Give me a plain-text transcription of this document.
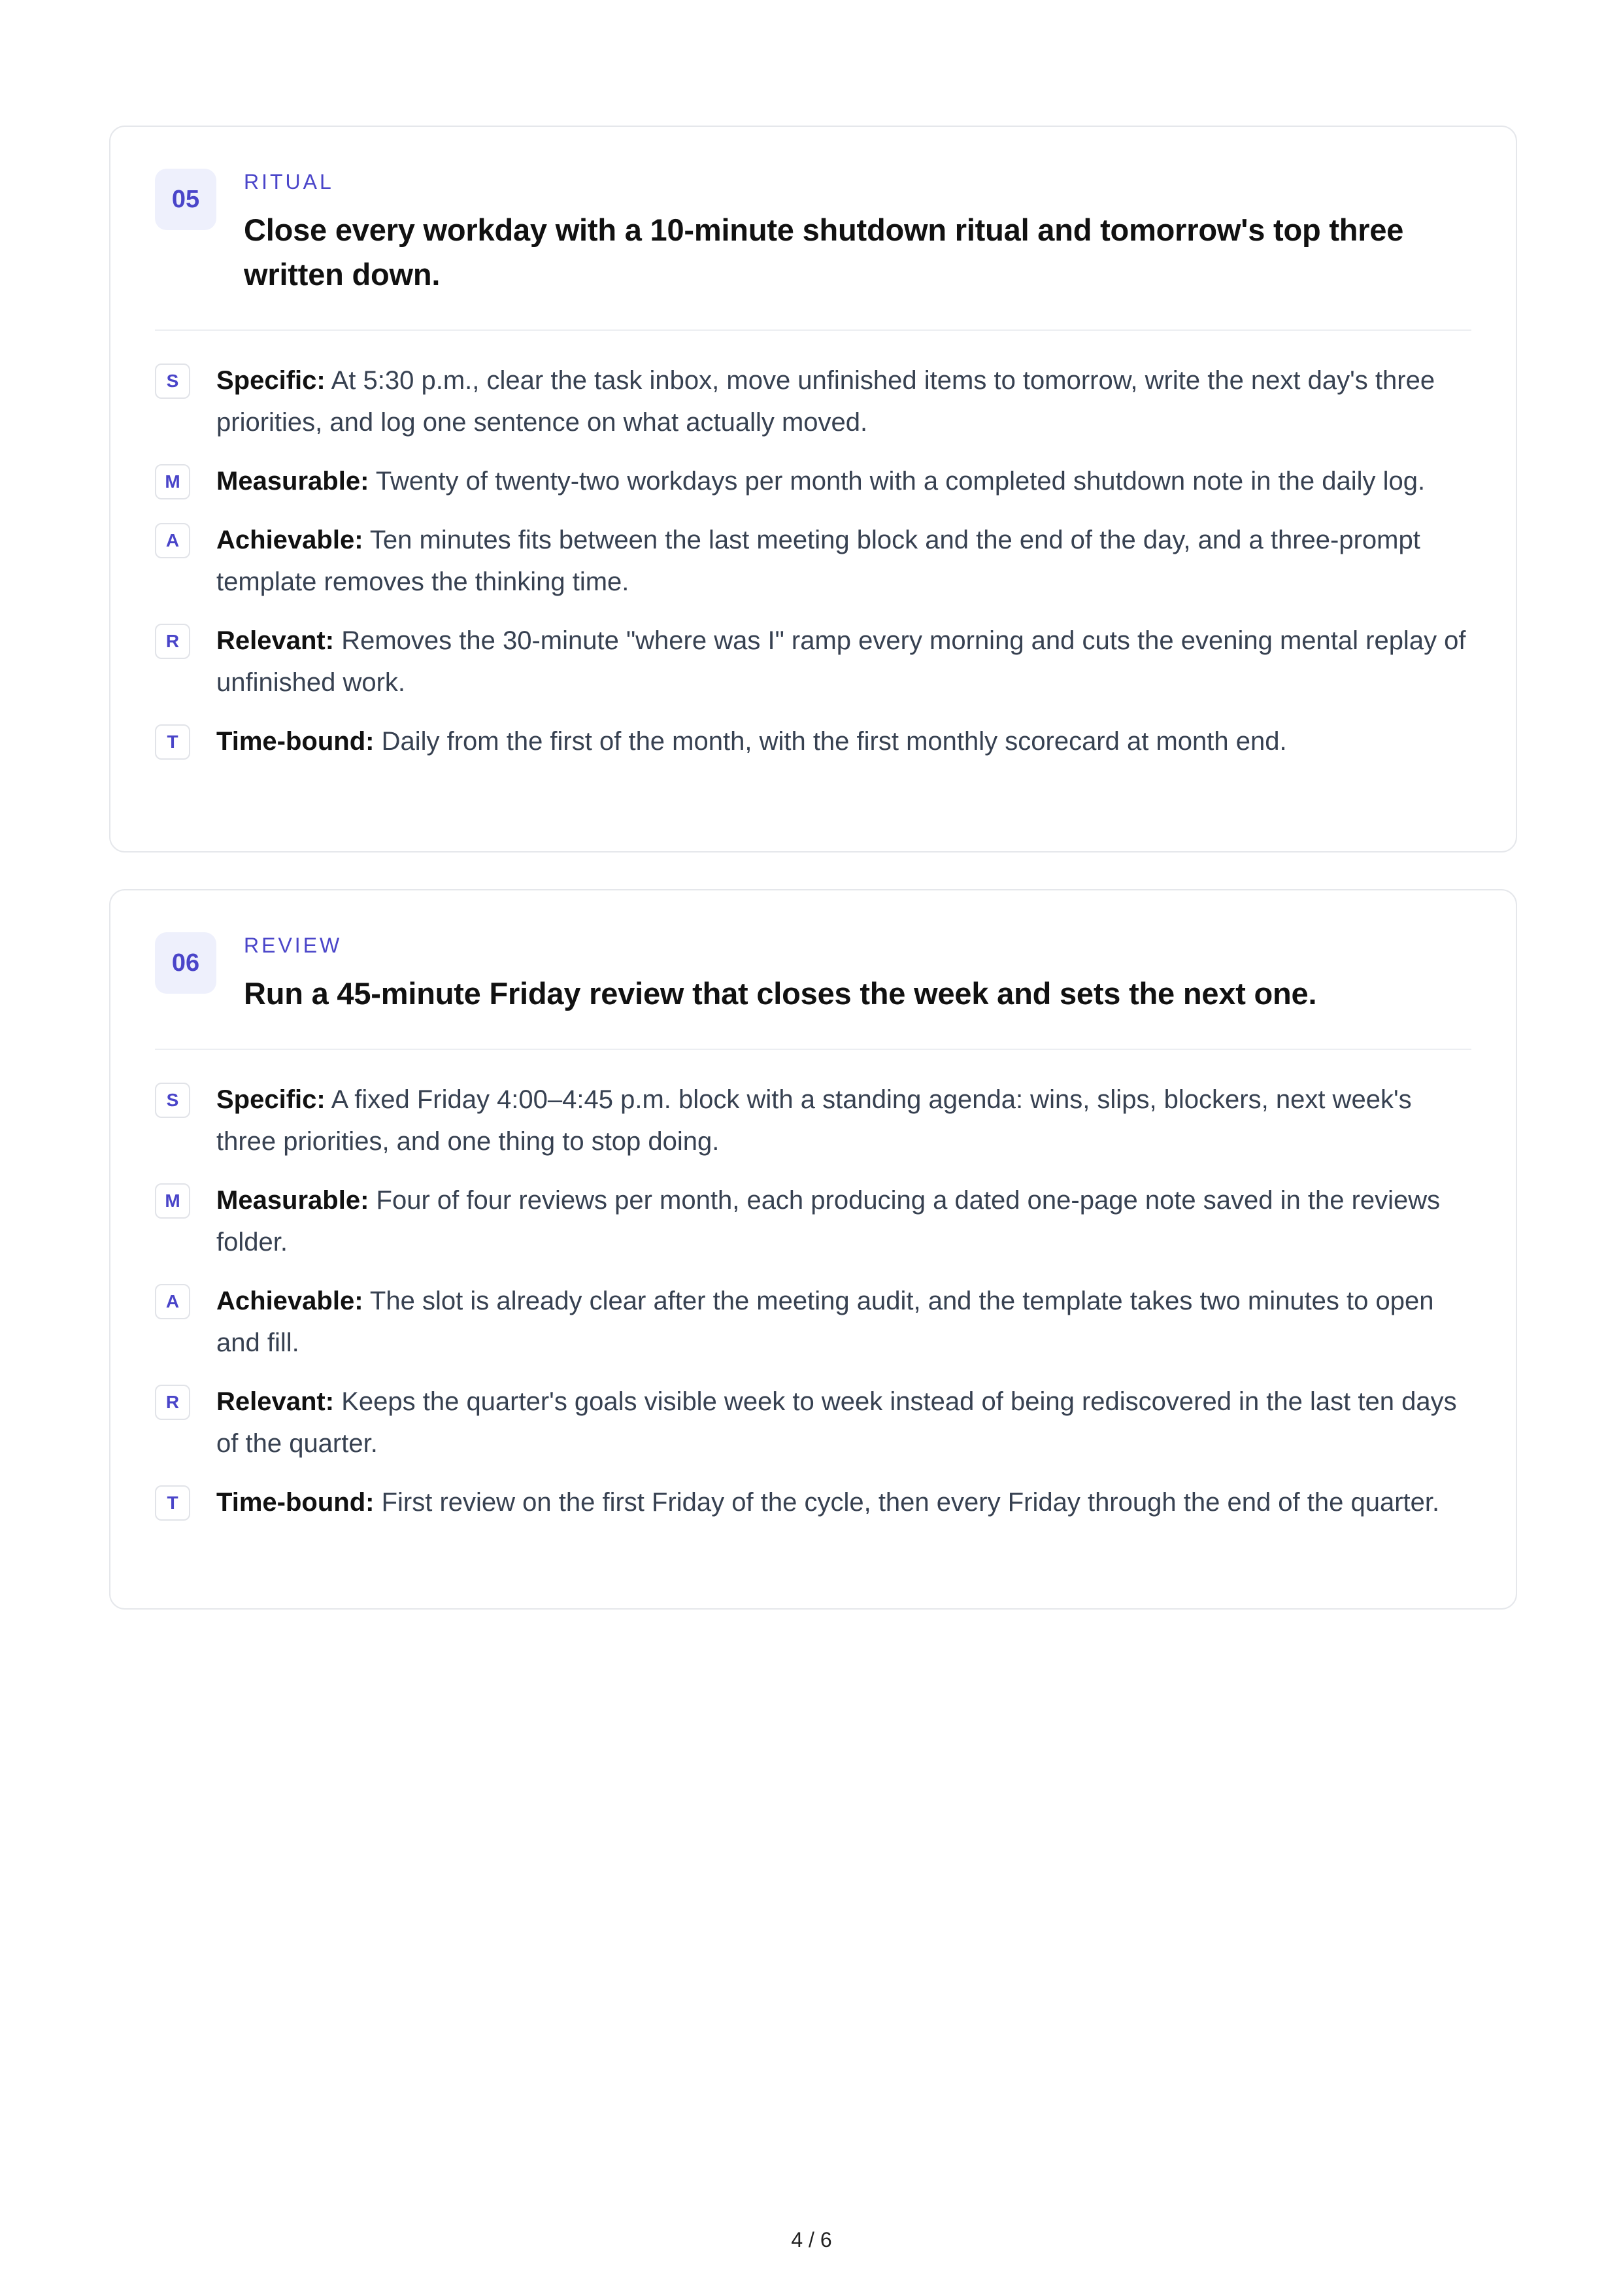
05
RITUAL
Close every workday with a 10-minute shutdown ritual and tomorrow's top three written down.
S	Specific: At 5:30 p.m., clear the task inbox, move unfinished items to tomorrow, write the next day's three priorities, and log one sentence on what actually moved.
M	Measurable: Twenty of twenty-two workdays per month with a completed shutdown note in the daily log.
A	Achievable: Ten minutes fits between the last meeting block and the end of the day, and a three-prompt template removes the thinking time.
R	Relevant: Removes the 30-minute "where was I" ramp every morning and cuts the evening mental replay of unfinished work.
T	Time-bound: Daily from the first of the month, with the first monthly scorecard at month end.
06
REVIEW
Run a 45-minute Friday review that closes the week and sets the next one.
S	Specific: A fixed Friday 4:00–4:45 p.m. block with a standing agenda: wins, slips, blockers, next week's three priorities, and one thing to stop doing.
M	Measurable: Four of four reviews per month, each producing a dated one-page note saved in the reviews folder.
A	Achievable: The slot is already clear after the meeting audit, and the template takes two minutes to open and fill.
R	Relevant: Keeps the quarter's goals visible week to week instead of being rediscovered in the last ten days of the quarter.
T	Time-bound: First review on the first Friday of the cycle, then every Friday through the end of the quarter.
4 / 6
